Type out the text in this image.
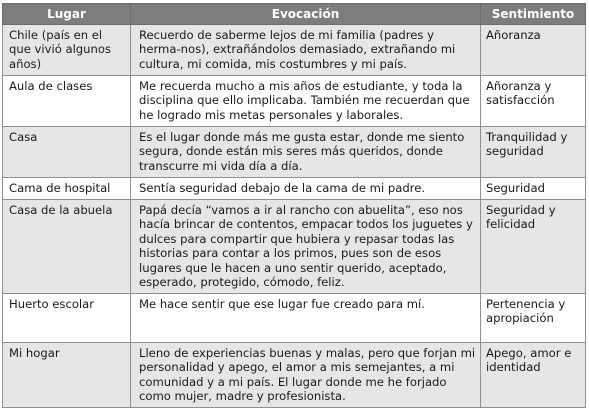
Lugar	Evocación	Sentimiento
Chile (país en el que vivió algunos años)	Recuerdo de saberme lejos de mi familia (padres y herma-nos), extrañándolos demasiado, extrañando mi cultura, mi comida, mis costumbres y mi país.	Añoranza
Aula de clases	Me recuerda mucho a mis años de estudiante, y toda la disciplina que ello implicaba. También me recuerdan que he logrado mis metas personales y laborales.	Añoranza y satisfacción
Casa	Es el lugar donde más me gusta estar, donde me siento segura, donde están mis seres más queridos, donde transcurre mi vida día a día.	Tranquilidad y seguridad
Cama de hospital	Sentía seguridad debajo de la cama de mi padre.	Seguridad
Casa de la abuela	Papá decía “vamos a ir al rancho con abuelita”, eso nos hacía brincar de contentos, empacar todos los juguetes y dulces para compartir que hubiera y repasar todas las historias para contar a los primos, pues son de esos lugares que le hacen a uno sentir querido, aceptado, esperado, protegido, cómodo, feliz.	Seguridad y felicidad
Huerto escolar	Me hace sentir que ese lugar fue creado para mí.	Pertenencia y apropiación
Mi hogar	Lleno de experiencias buenas y malas, pero que forjan mi personalidad y apego, el amor a mis semejantes, a mi comunidad y a mi país. El lugar donde me he forjado como mujer, madre y profesionista.	Apego, amor e identidad
